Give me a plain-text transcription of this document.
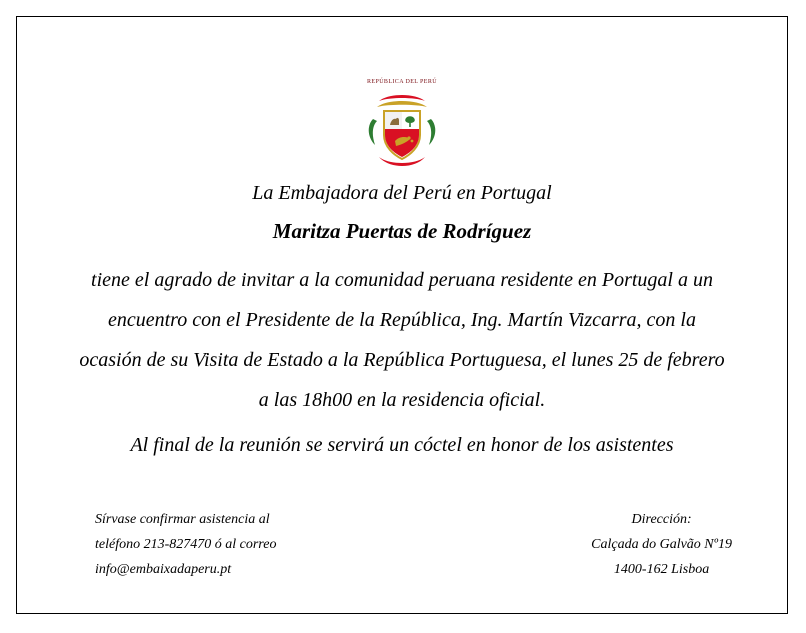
REPÚBLICA DEL PERÚ
La Embajadora del Perú en Portugal
Maritza Puertas de Rodríguez
tiene el agrado de invitar a la comunidad peruana residente en Portugal a un
encuentro con el Presidente de la República, Ing. Martín Vizcarra, con la
ocasión de su Visita de Estado a la República Portuguesa, el lunes 25 de febrero
a las 18h00 en la residencia oficial.
Al final de la reunión se servirá un cóctel en honor de los asistentes
Sírvase confirmar asistencia al
teléfono 213-827470 ó al correo
info@embaixadaperu.pt
Dirección:
Calçada do Galvão Nº19
1400-162 Lisboa
